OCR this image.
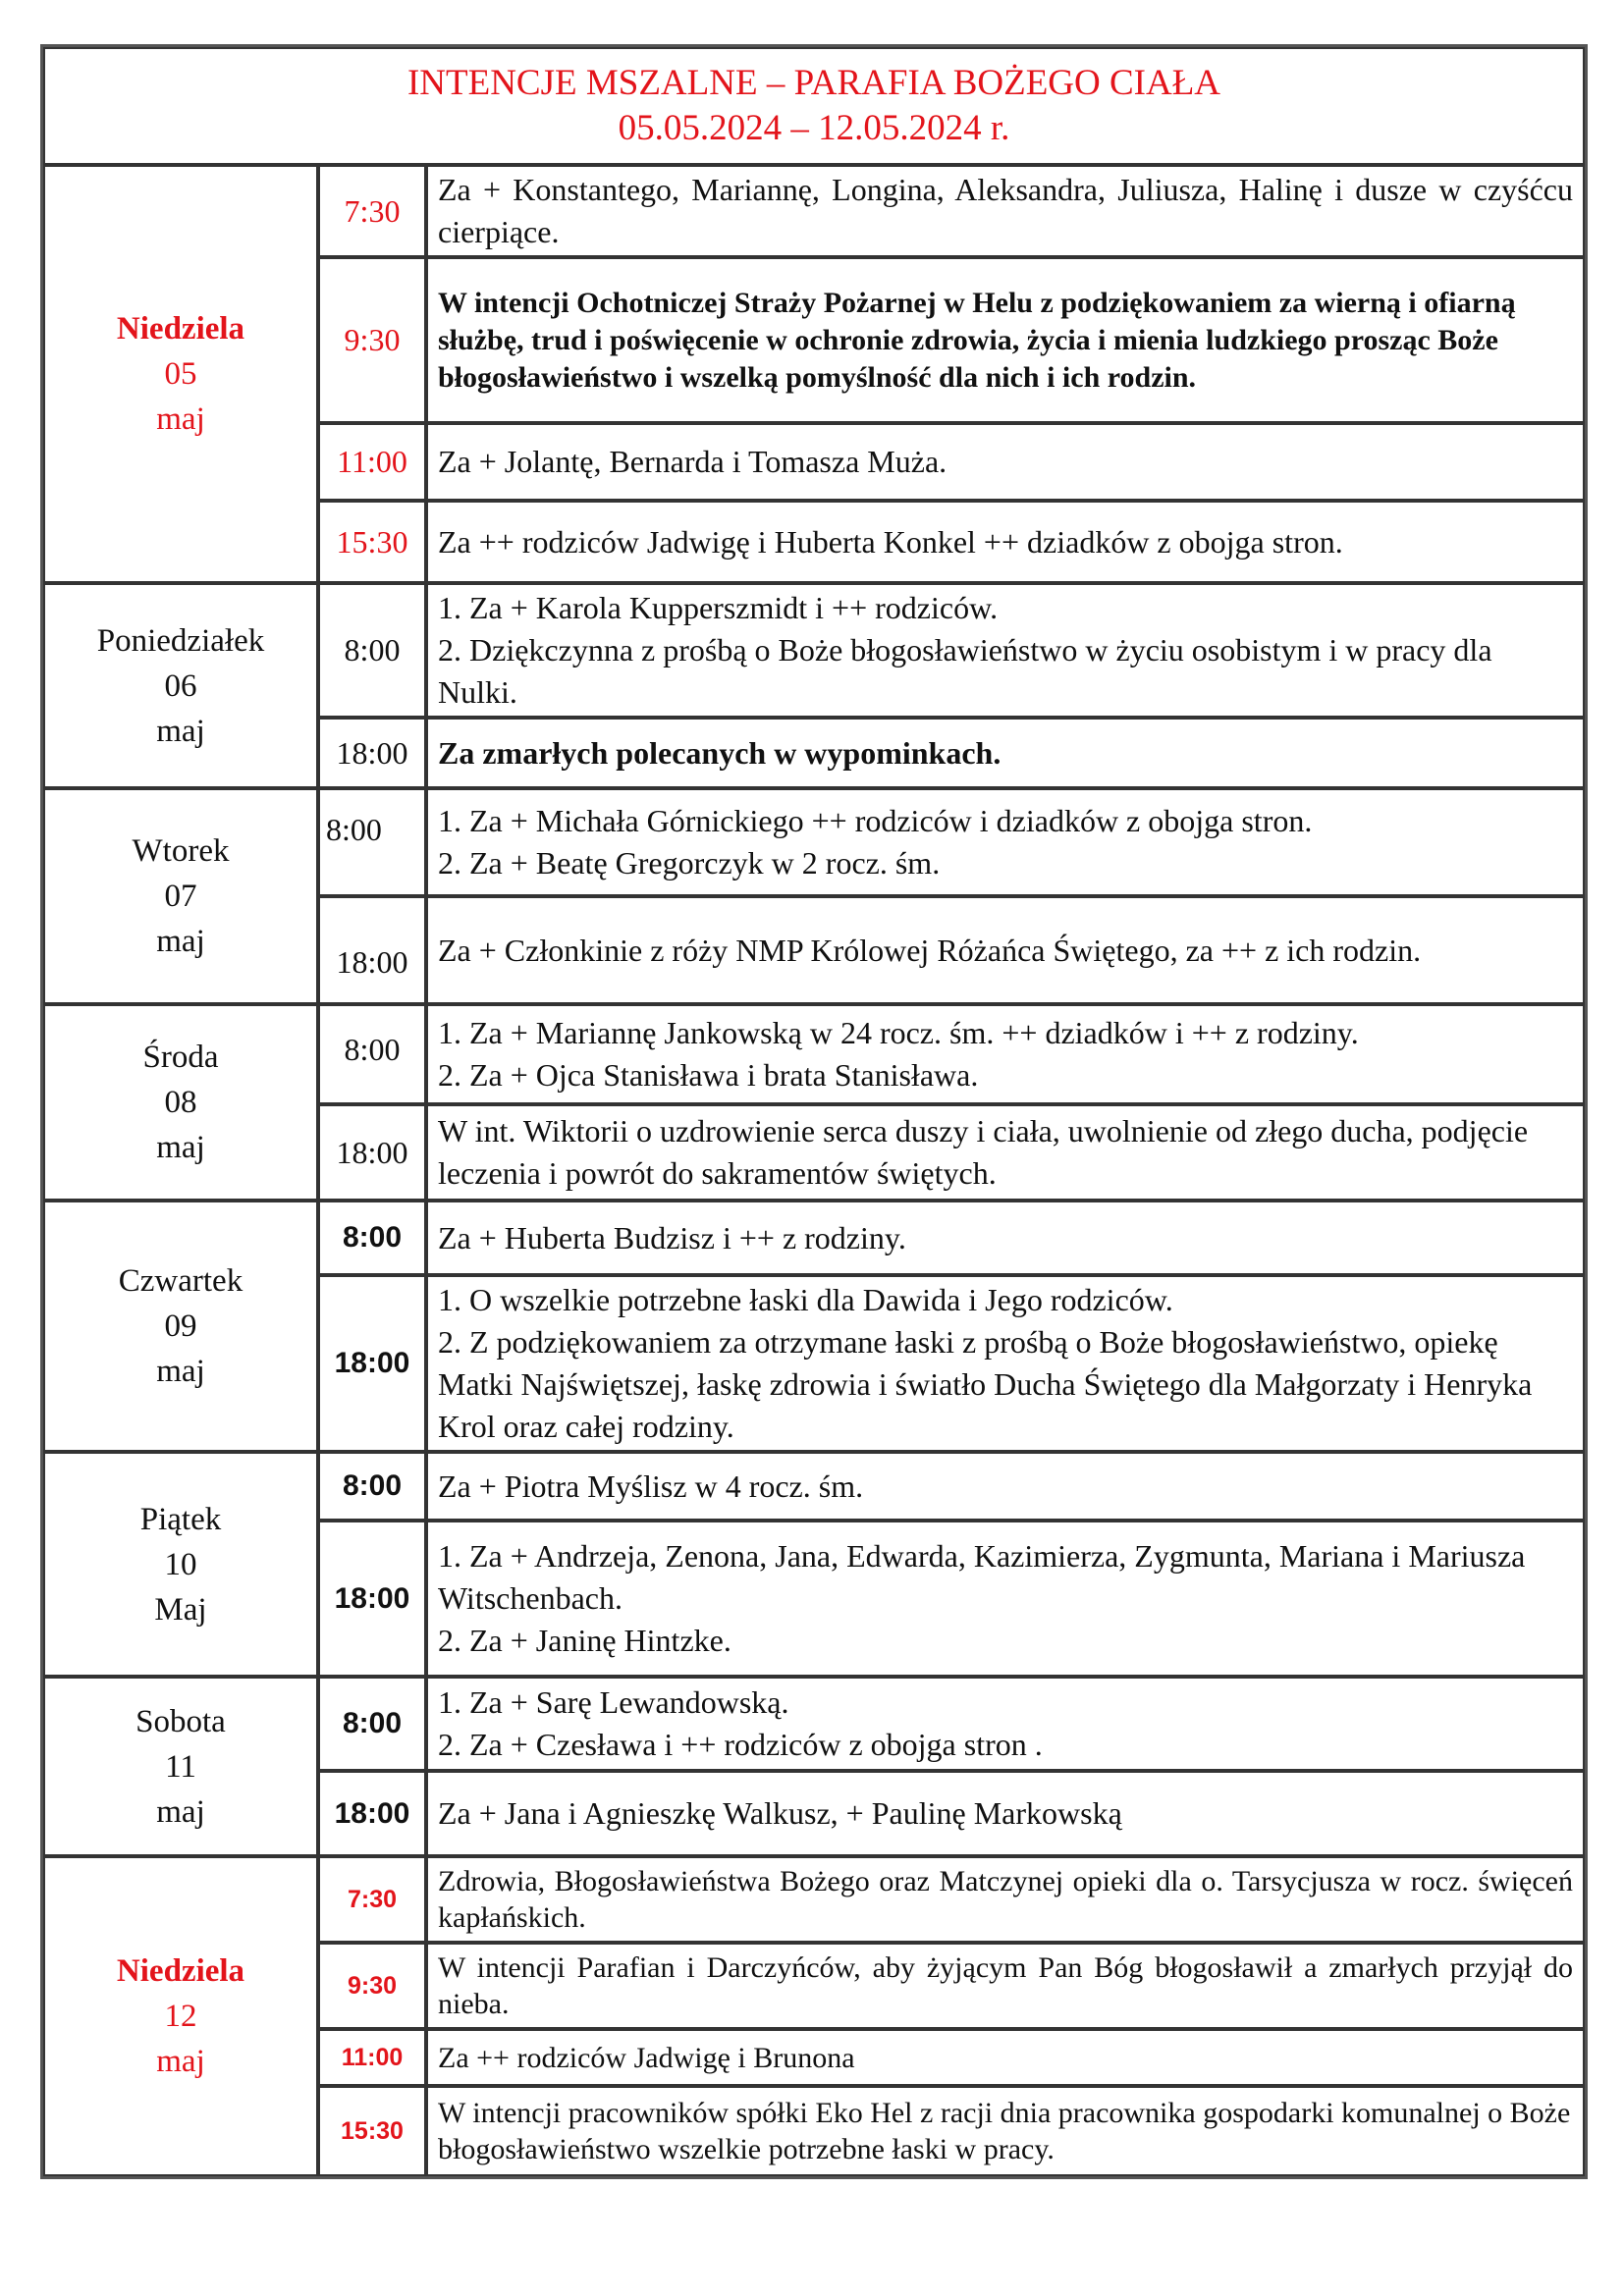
INTENCJE MSZALNE – PARAFIA BOŻEGO CIAŁA
05.05.2024 – 12.05.2024 r.		

Niedziela
05
maj	7:30	Za + Konstantego, Mariannę, Longina, Aleksandra, Juliusza, Halinę i dusze w czyśćcu cierpiące.

	9:30	W intencji Ochotniczej Straży Pożarnej w Helu z podziękowaniem za wierną i ofiarną służbę, trud i poświęcenie w ochronie zdrowia, życia i mienia ludzkiego prosząc Boże błogosławieństwo i wszelką pomyślność dla nich i ich rodzin.

	11:00	Za + Jolantę, Bernarda i Tomasza Muża.

	15:30	Za ++ rodziców Jadwigę i Huberta Konkel ++ dziadków z obojga stron.

Poniedziałek
06
maj	8:00	1. Za + Karola Kupperszmidt i ++ rodziców.
2. Dziękczynna z prośbą o Boże błogosławieństwo w życiu osobistym i w pracy dla Nulki.

	18:00	Za zmarłych polecanych w wypominkach.

Wtorek
07
maj	8:00	1. Za + Michała Górnickiego ++ rodziców i dziadków z obojga stron.
2. Za + Beatę Gregorczyk w 2 rocz. śm.

	18:00	Za + Członkinie z róży NMP Królowej Różańca Świętego, za ++ z ich rodzin.

Środa
08
maj	8:00	1. Za + Mariannę Jankowską w 24 rocz. śm. ++ dziadków i ++ z rodziny.
2. Za + Ojca Stanisława i brata Stanisława.

	18:00	W int. Wiktorii o uzdrowienie serca duszy i ciała, uwolnienie od złego ducha, podjęcie leczenia i powrót do sakramentów świętych.

Czwartek
09
maj	8:00	Za + Huberta Budzisz i ++ z rodziny.

	18:00	1. O wszelkie potrzebne łaski dla Dawida i Jego rodziców.
2. Z podziękowaniem za otrzymane łaski z prośbą o Boże błogosławieństwo, opiekę Matki Najświętszej, łaskę zdrowia i światło Ducha Świętego dla Małgorzaty i Henryka Krol oraz całej rodziny.

Piątek
10
Maj	8:00	Za + Piotra Myślisz w 4 rocz. śm.

	18:00	1. Za + Andrzeja, Zenona, Jana, Edwarda, Kazimierza, Zygmunta, Mariana i Mariusza Witschenbach.
2. Za + Janinę Hintzke.

Sobota
11
maj	8:00	1. Za + Sarę Lewandowską.
2. Za + Czesława i ++ rodziców z obojga stron .

	18:00	Za + Jana i Agnieszkę Walkusz, + Paulinę Markowską

Niedziela
12
maj	7:30	Zdrowia, Błogosławieństwa Bożego oraz Matczynej opieki dla o. Tarsycjusza w rocz. święceń kapłańskich.

	9:30	W intencji Parafian i Darczyńców, aby żyjącym Pan Bóg błogosławił a zmarłych przyjął do nieba.

	11:00	Za ++ rodziców Jadwigę i Brunona

	15:30	W intencji pracowników spółki Eko Hel z racji dnia pracownika gospodarki komunalnej o Boże błogosławieństwo wszelkie potrzebne łaski w pracy.
